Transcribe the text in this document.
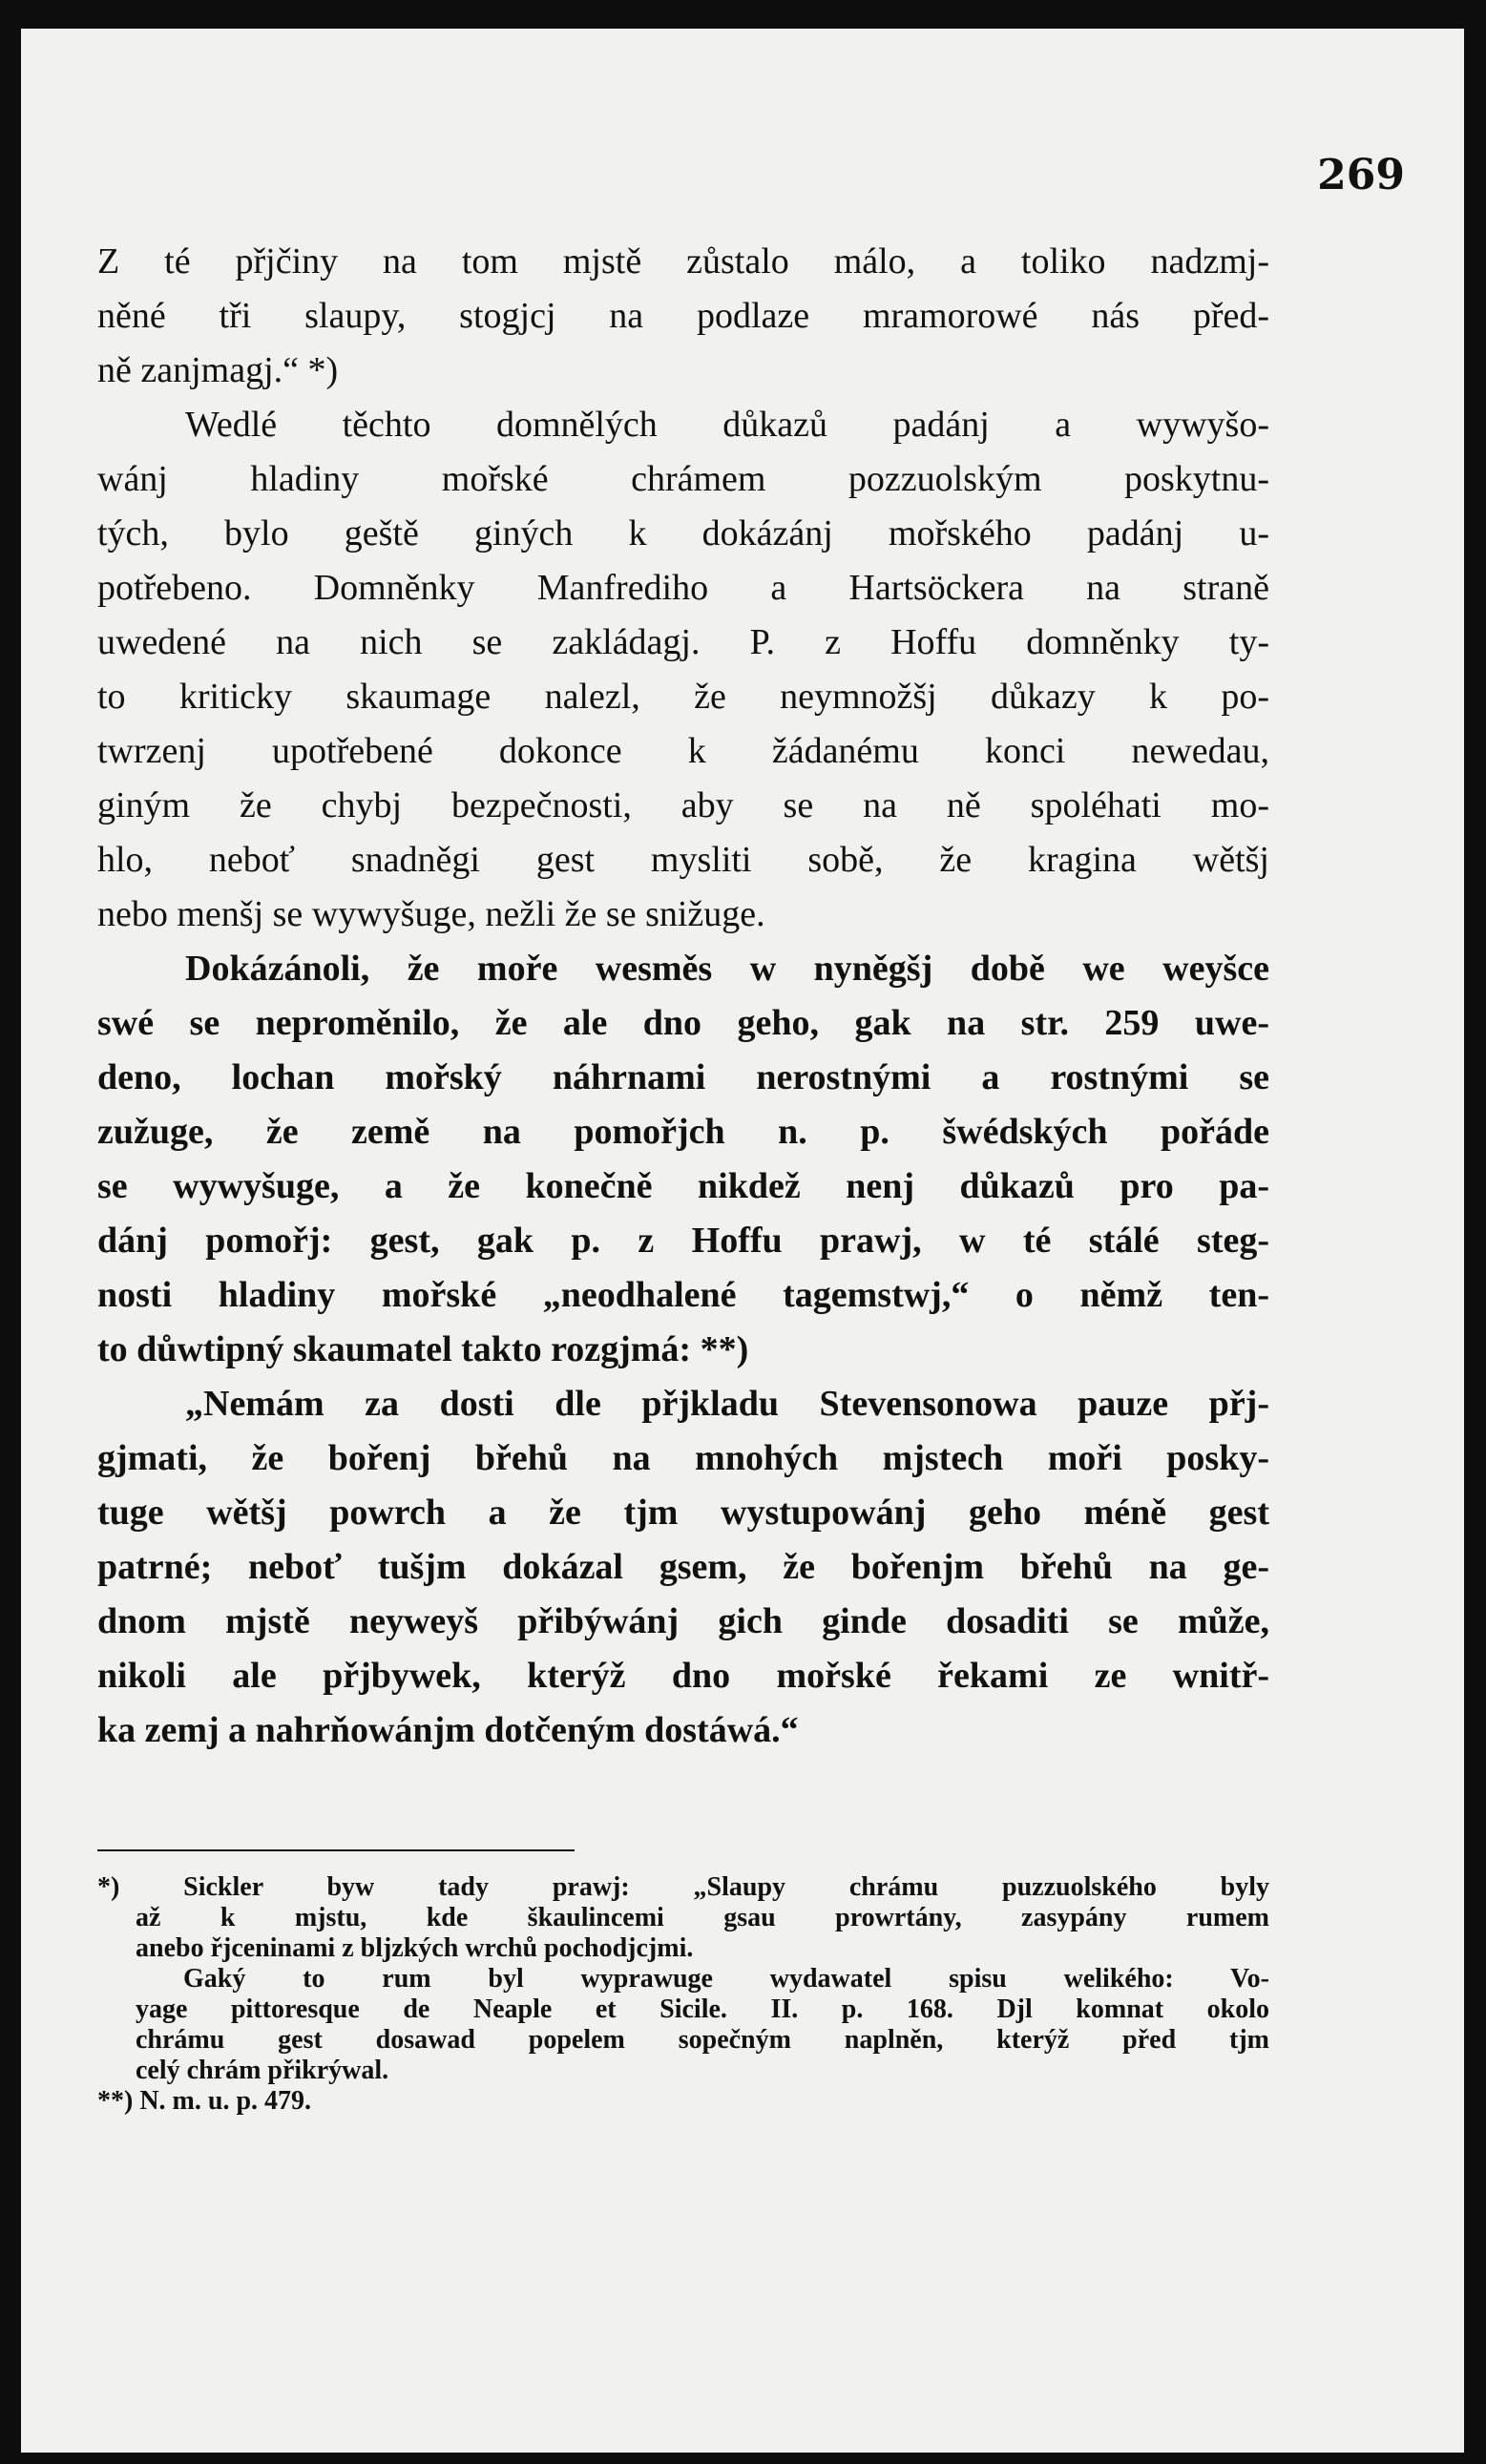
269
Z té přjčiny na tom mjstě zůstalo málo, a toliko nadzmj-
něné tři slaupy, stogjcj na podlaze mramorowé nás před-
ně zanjmagj.“ *)
Wedlé těchto domnělých důkazů padánj a wywyšo-
wánj hladiny mořské chrámem pozzuolským poskytnu-
tých, bylo geště giných k dokázánj mořského padánj u-
potřebeno. Domněnky Manfrediho a Hartsöckera na straně
uwedené na nich se zakládagj. P. z Hoffu domněnky ty-
to kriticky skaumage nalezl, že neymnožšj důkazy k po-
twrzenj upotřebené dokonce k žádanému konci newedau,
giným že chybj bezpečnosti, aby se na ně spoléhati mo-
hlo, neboť snadněgi gest mysliti sobě, že kragina wětšj
nebo menšj se wywyšuge, nežli že se snižuge.
Dokázánoli, že moře wesměs w nyněgšj době we weyšce
swé se neproměnilo, že ale dno geho, gak na str. 259 uwe-
deno, lochan mořský náhrnami nerostnými a rostnými se
zužuge, že země na pomořjch n. p. šwédských pořáde
se wywyšuge, a že konečně nikdež nenj důkazů pro pa-
dánj pomořj: gest, gak p. z Hoffu prawj, w té stálé steg-
nosti hladiny mořské „neodhalené tagemstwj,“ o němž ten-
to důwtipný skaumatel takto rozgjmá: **)
„Nemám za dosti dle přjkladu Stevensonowa pauze přj-
gjmati, že bořenj břehů na mnohých mjstech moři posky-
tuge wětšj powrch a že tjm wystupowánj geho méně gest
patrné; neboť tušjm dokázal gsem, že bořenjm břehů na ge-
dnom mjstě neyweyš přibýwánj gich ginde dosaditi se může,
nikoli ale přjbywek, kterýž dno mořské řekami ze wnitř-
ka zemj a nahrňowánjm dotčeným dostáwá.“
*) Sickler byw tady prawj: „Slaupy chrámu puzzuolského byly
až k mjstu, kde škaulincemi gsau prowrtány, zasypány rumem
anebo řjceninami z bljzkých wrchů pochodjcjmi.
Gaký to rum byl wyprawuge wydawatel spisu welikého: Vo-
yage pittoresque de Neaple et Sicile. II. p. 168. Djl komnat okolo
chrámu gest dosawad popelem sopečným naplněn, kterýž před tjm
celý chrám přikrýwal.
**) N. m. u. p. 479.
